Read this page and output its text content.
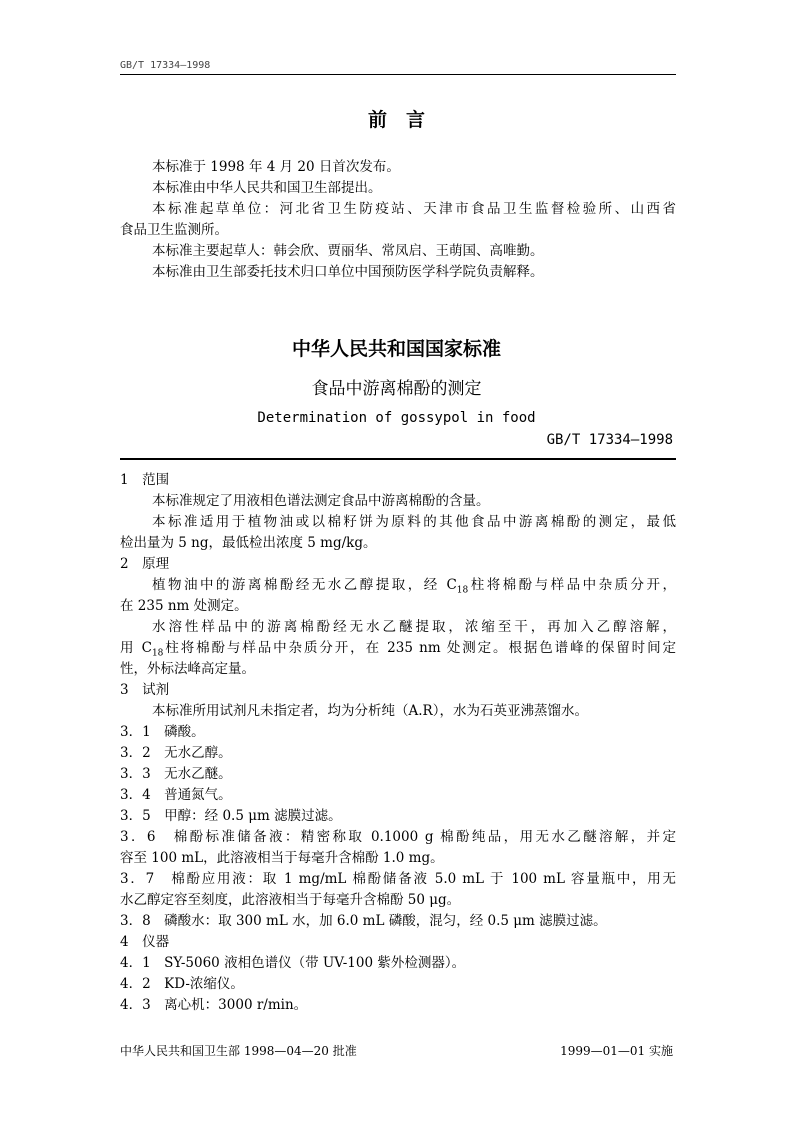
GB/T 17334—1998
前　言
本标准于 1998 年 4 月 20 日首次发布。
本标准由中华人民共和国卫生部提出。
本标准起草单位：河北省卫生防疫站、天津市食品卫生监督检验所、山西省
食品卫生监测所。
本标准主要起草人：韩会欣、贾丽华、常凤启、王萌国、高唯勤。
本标准由卫生部委托技术归口单位中国预防医学科学院负责解释。
中华人民共和国国家标准
食品中游离棉酚的测定
Determination of gossypol in food
GB/T 17334—1998
1　范围
本标准规定了用液相色谱法测定食品中游离棉酚的含量。
本标准适用于植物油或以棉籽饼为原料的其他食品中游离棉酚的测定，最低
检出量为 5 ng，最低检出浓度 5 mg/kg。
2　原理
植物油中的游离棉酚经无水乙醇提取，经 $C_{18}$柱将棉酚与样品中杂质分开，
在 235 nm 处测定。
水溶性样品中的游离棉酚经无水乙醚提取，浓缩至干，再加入乙醇溶解，
用 $C_{18}$柱将棉酚与样品中杂质分开，在 235 nm 处测定。根据色谱峰的保留时间定
性，外标法峰高定量。
3　试剂
本标准所用试剂凡未指定者，均为分析纯（A.R），水为石英亚沸蒸馏水。
3．1　磷酸。
3．2　无水乙醇。
3．3　无水乙醚。
3．4　普通氮气。
3．5　甲醇：经 0.5 μm 滤膜过滤。
3．6　棉酚标准储备液：精密称取 0.1000 g 棉酚纯品，用无水乙醚溶解，并定
容至 100 mL，此溶液相当于每毫升含棉酚 1.0 mg。
3．7　棉酚应用液：取 1 mg/mL 棉酚储备液 5.0 mL 于 100 mL 容量瓶中，用无
水乙醇定容至刻度，此溶液相当于每毫升含棉酚 50 μg。
3．8　磷酸水：取 300 mL 水，加 6.0 mL 磷酸，混匀，经 0.5 μm 滤膜过滤。
4　仪器
4．1　SY-5060 液相色谱仪（带 UV-100 紫外检测器）。
4．2　KD-浓缩仪。
4．3　离心机：3000 r/min。
中华人民共和国卫生部 1998—04—20 批准	1999—01—01 实施
